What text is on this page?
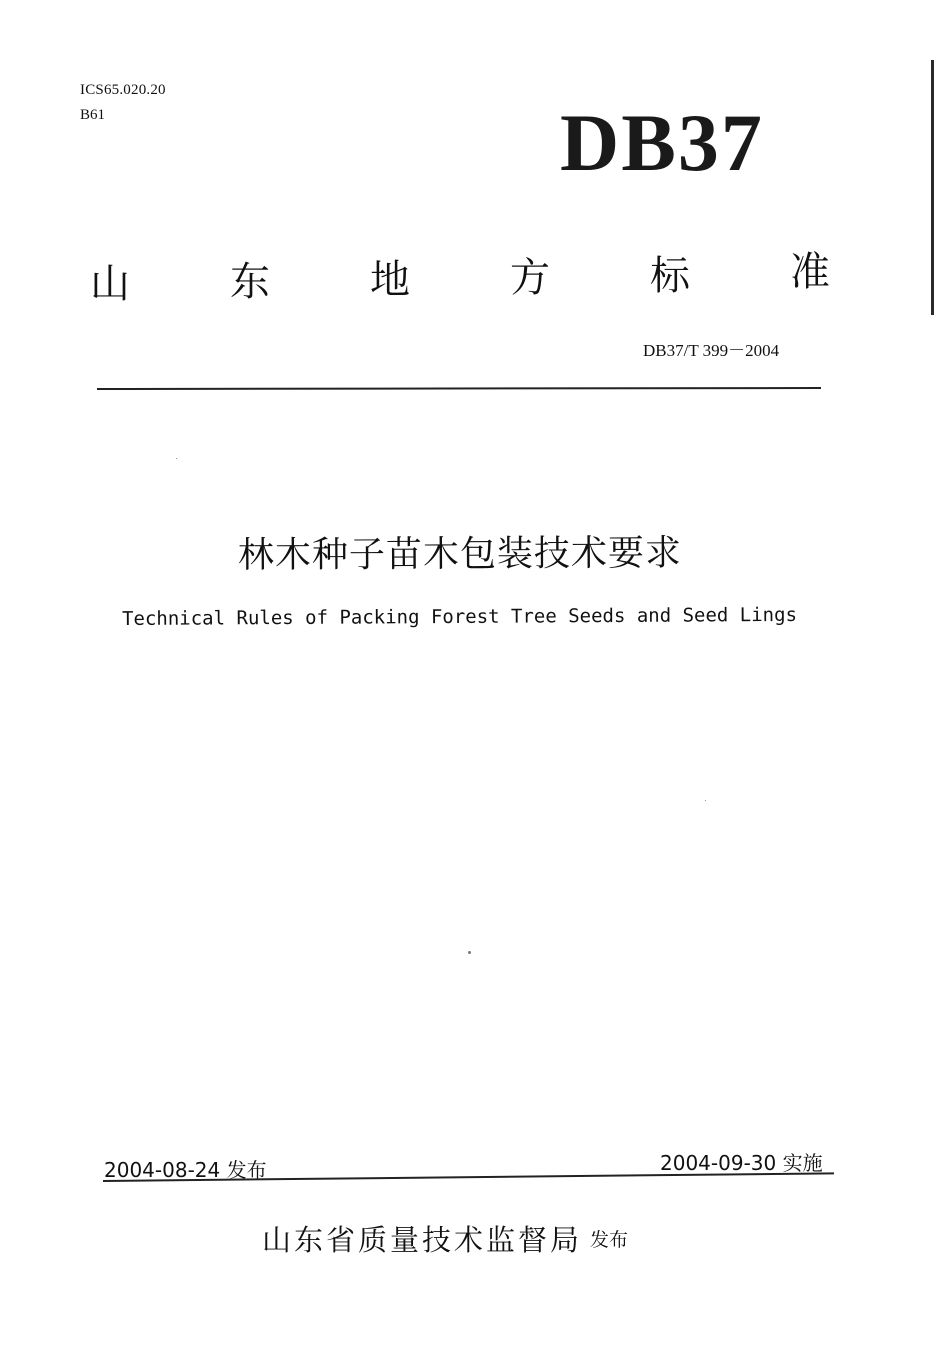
ICS65.020.20
B61	DB37
山	东	地	方	标	准
DB37/T 399－2004
林木种子苗木包装技术要求
Technical Rules of Packing Forest Tree Seeds and Seed Lings
2004-08-24 发布	2004-09-30 实施
山东省质量技术监督局 发布
